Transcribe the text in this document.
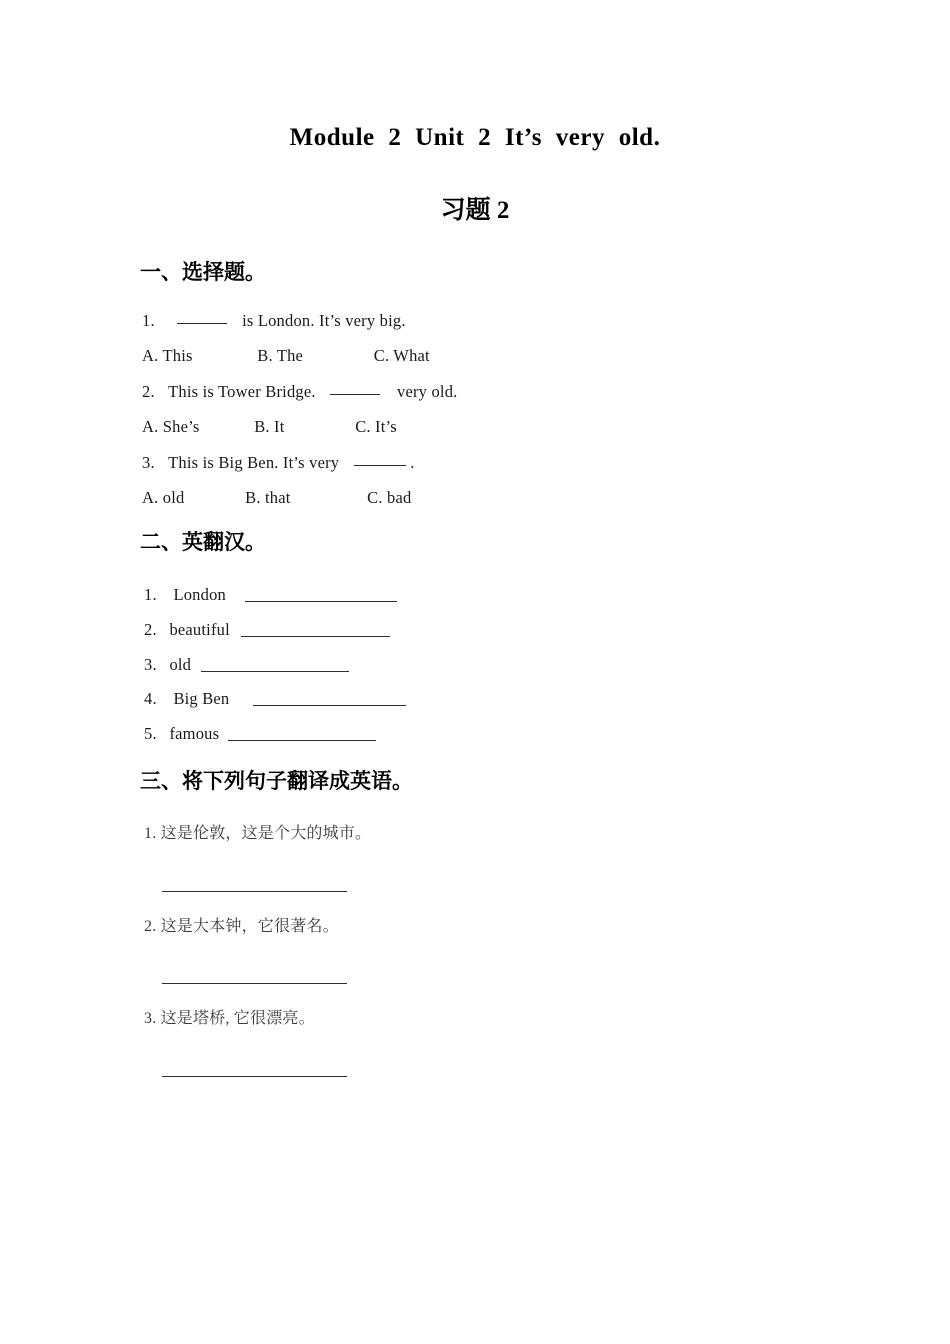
Module 2 Unit 2 It’s very old.
习题 2
一、选择题。
1.	is London. It’s very big.
A. This	B. The	C. What
2. This is Tower Bridge.	very old.
A. She’s	B. It	C. It’s
3. This is Big Ben. It’s very	.
A. old	B. that	C. bad
二、英翻汉。
1. London
2. beautiful
3. old
4. Big Ben
5. famous
三、将下列句子翻译成英语。
1. 这是伦敦，这是个大的城市。
2. 这是大本钟，它很著名。
3. 这是塔桥, 它很漂亮。
